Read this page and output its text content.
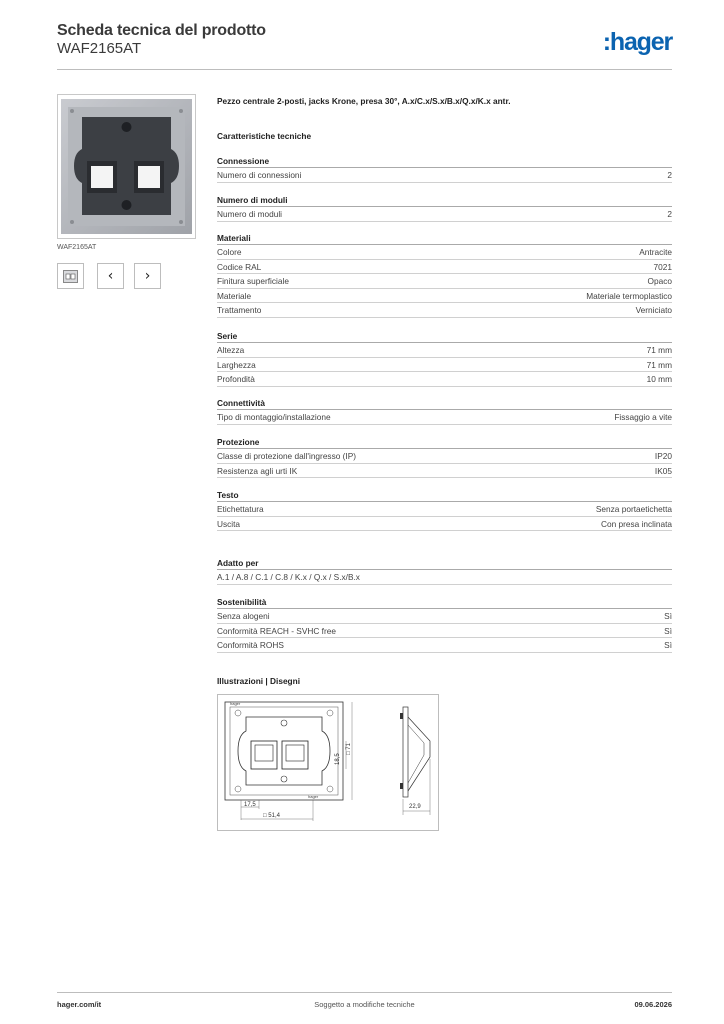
Scheda tecnica del prodotto
WAF2165AT	:hager
WAF2165AT
‹	›
Pezzo centrale 2-posti, jacks Krone, presa 30°, A.x/C.x/S.x/B.x/Q.x/K.x antr.
Caratteristiche tecniche
Connessione
Numero di connessioni	2
Numero di moduli
Numero di moduli	2
Materiali
Colore	Antracite
Codice RAL	7021
Finitura superficiale	Opaco
Materiale	Materiale termoplastico
Trattamento	Verniciato
Serie
Altezza	71 mm
Larghezza	71 mm
Profondità	10 mm
Connettività
Tipo di montaggio/installazione	Fissaggio a vite
Protezione
Classe di protezione dall'ingresso (IP)	IP20
Resistenza agli urti IK	IK05
Testo
Etichettatura	Senza portaetichetta
Uscita	Con presa inclinata
Adatto per
A.1 / A.8 / C.1 / C.8 / K.x / Q.x / S.x/B.x
Sostenibilità
Senza alogeni	Sì
Conformità REACH - SVHC free	Sì
Conformità ROHS	Sì
Illustrazioni | Disegni
hager
hager
17,5
□ 51,4
18,5
□ 71
22,9
hager.com/it	Soggetto a modifiche tecniche	09.06.2026
